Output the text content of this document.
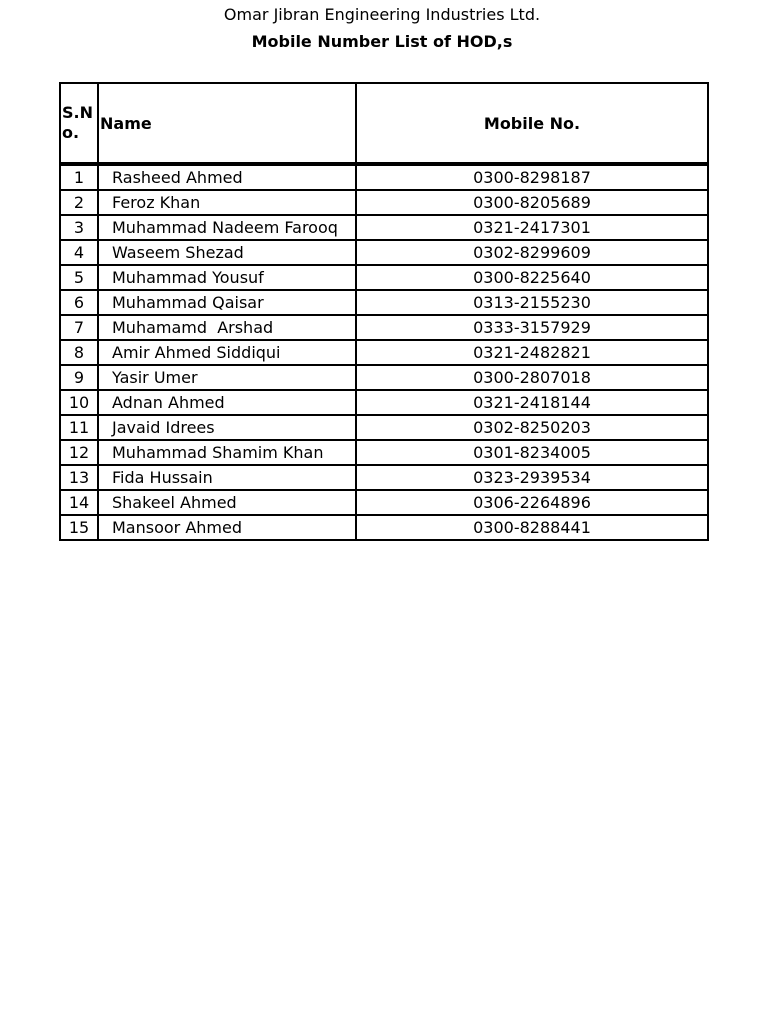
Omar Jibran Engineering Industries Ltd.
Mobile Number List of HOD,s
S.No.	Name	Mobile No.
1	Rasheed Ahmed	0300-8298187
2	Feroz Khan	0300-8205689
3	Muhammad Nadeem Farooq	0321-2417301
4	Waseem Shezad	0302-8299609
5	Muhammad Yousuf	0300-8225640
6	Muhammad Qaisar	0313-2155230
7	Muhamamd  Arshad	0333-3157929
8	Amir Ahmed Siddiqui	0321-2482821
9	Yasir Umer	0300-2807018
10	Adnan Ahmed	0321-2418144
11	Javaid Idrees	0302-8250203
12	Muhammad Shamim Khan	0301-8234005
13	Fida Hussain	0323-2939534
14	Shakeel Ahmed	0306-2264896
15	Mansoor Ahmed	0300-8288441
